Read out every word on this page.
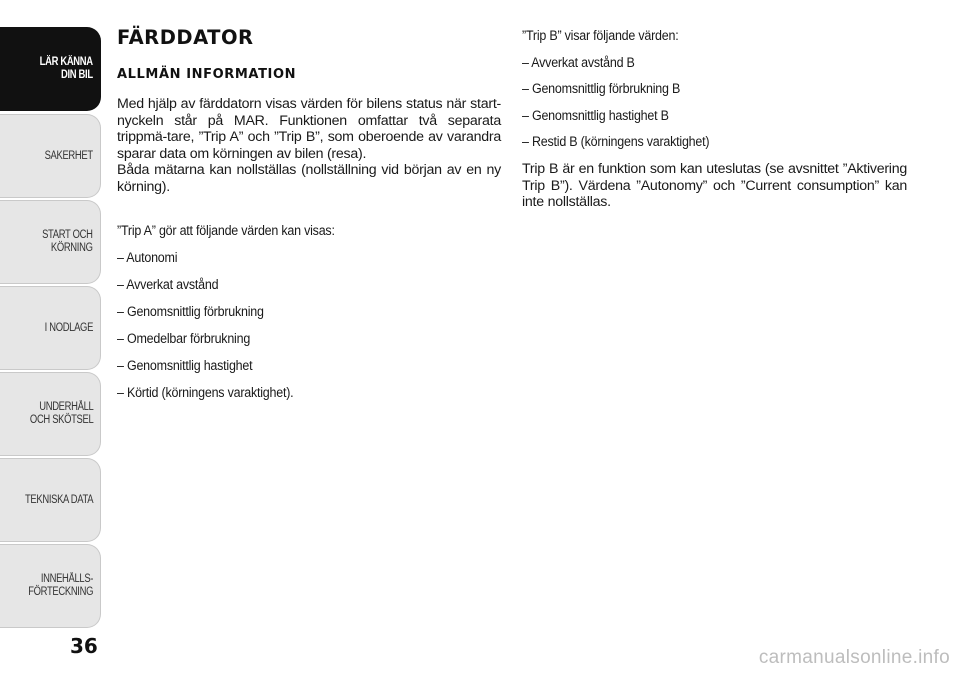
LÄR KÄNNA
DIN BIL
SÄKERHET
START OCH
KÖRNING
I NÖDLÄGE
UNDERHÅLL
OCH SKÖTSEL
TEKNISKA DATA
INNEHÅLLS-
FÖRTECKNING
36
FÄRDDATOR
ALLMÄN INFORMATION

Med hjälp av färddatorn visas värden för bilens status när start-nyckeln står på MAR. Funktionen omfattar två separata trippmä-tare, ”Trip A” och ”Trip B”, som oberoende av varandra sparar data om körningen av bilen (resa).

Båda mätarna kan nollställas (nollställning vid början av en ny körning).

”Trip A” gör att följande värden kan visas:

– Autonomi

– Avverkat avstånd

– Genomsnittlig förbrukning

– Omedelbar förbrukning

– Genomsnittlig hastighet

– Körtid (körningens varaktighet).

”Trip B” visar följande värden:

– Avverkat avstånd B

– Genomsnittlig förbrukning B

– Genomsnittlig hastighet B

– Restid B (körningens varaktighet)

Trip B är en funktion som kan uteslutas (se avsnittet ”Aktivering Trip B”). Värdena ”Autonomy” och ”Current consumption” kan inte nollställas.

carmanualsonline.info
